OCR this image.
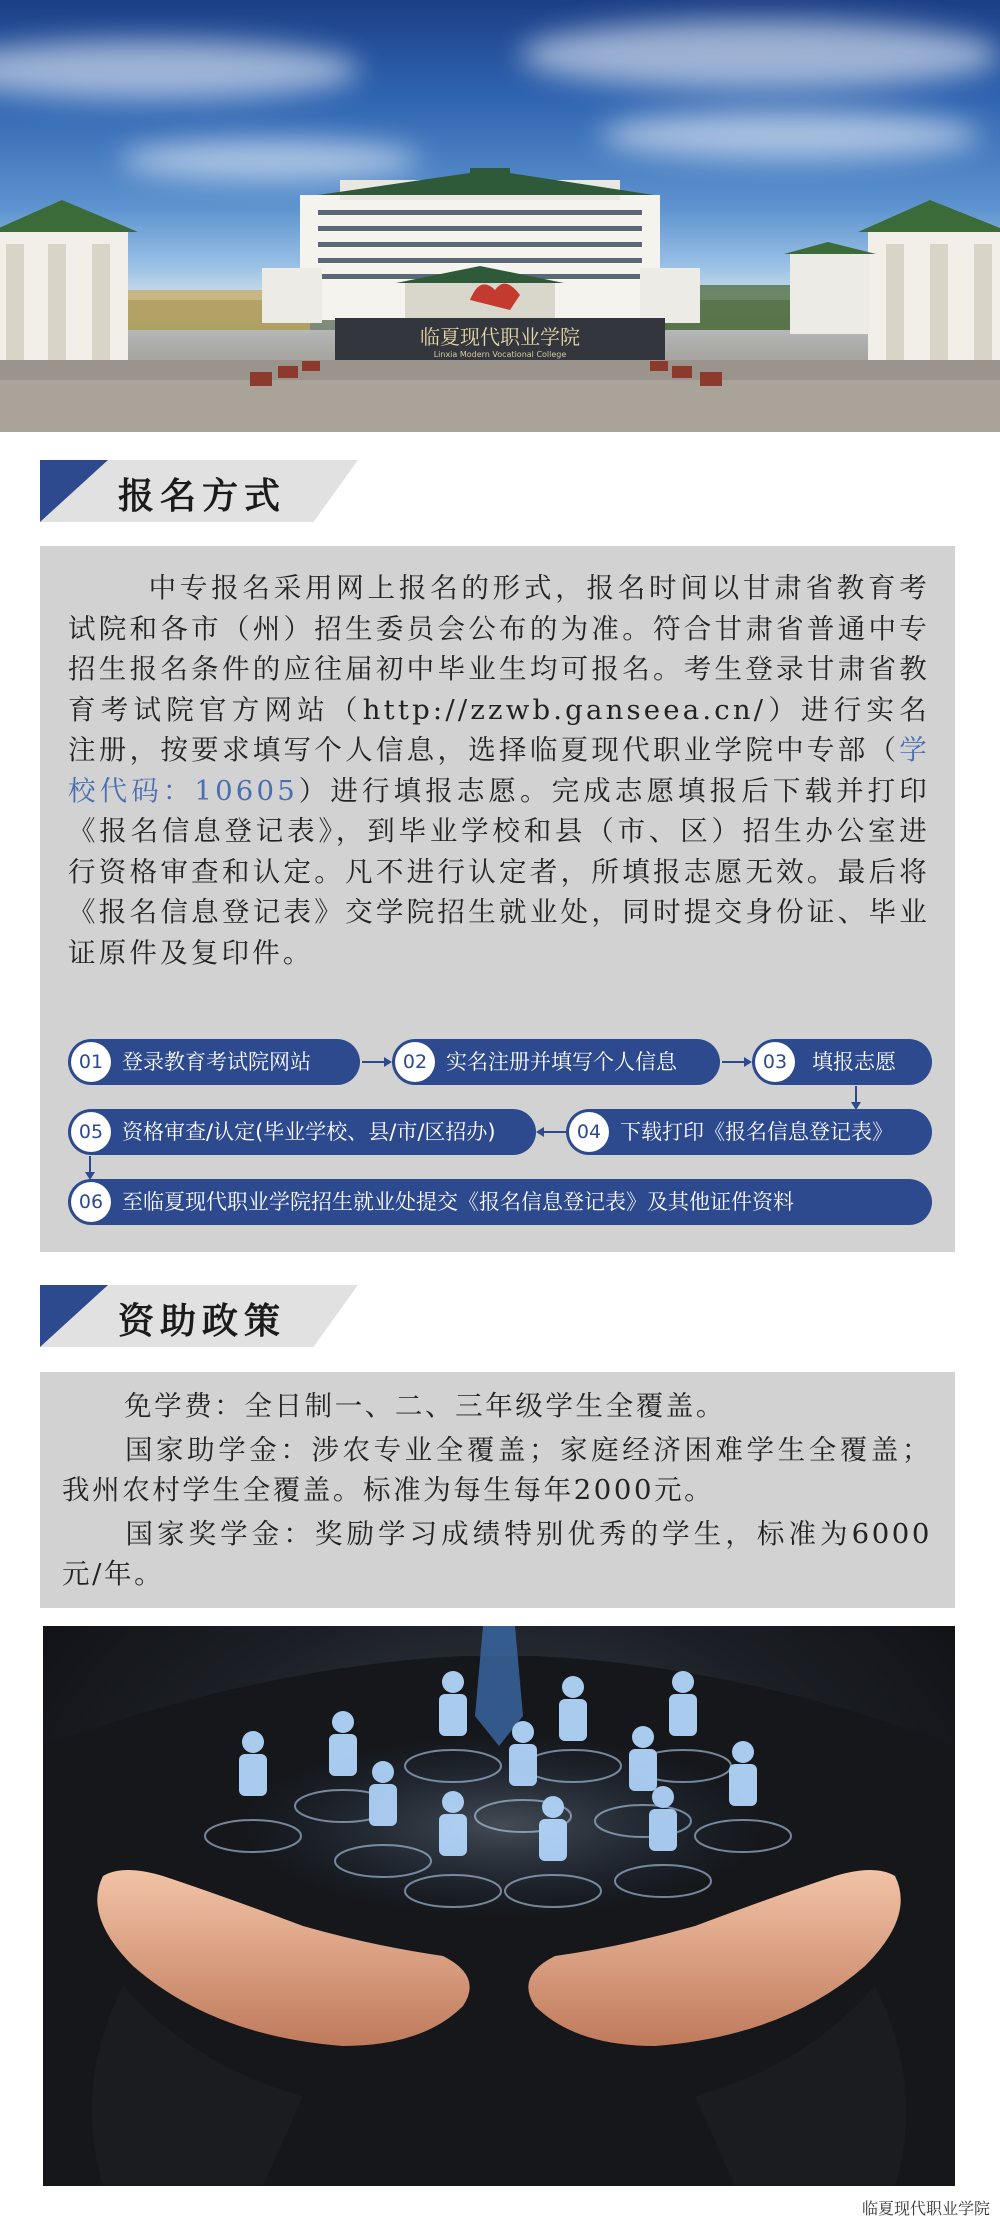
临夏现代职业学院
Linxia Modern Vocational College
报名方式

中专报名采用网上报名的形式，报名时间以甘肃省教育考试院和各市（州）招生委员会公布的为准。符合甘肃省普通中专招生报名条件的应往届初中毕业生均可报名。考生登录甘肃省教育考试院官方网站（http://zzwb.ganseea.cn/）进行实名注册，按要求填写个人信息，选择临夏现代职业学院中专部（学校代码：10605）进行填报志愿。完成志愿填报后下载并打印《报名信息登记表》，到毕业学校和县（市、区）招生办公室进行资格审查和认定。凡不进行认定者，所填报志愿无效。最后将《报名信息登记表》交学院招生就业处，同时提交身份证、毕业证原件及复印件。

01 登录教育考试院网站	02 实名注册并填写个人信息	03	填报志愿
05 资格审查/认定(毕业学校、县/市/区招办)	04 下载打印《报名信息登记表》
06 至临夏现代职业学院招生就业处提交《报名信息登记表》及其他证件资料
资助政策

免学费：全日制一、二、三年级学生全覆盖。

国家助学金：涉农专业全覆盖；家庭经济困难学生全覆盖；我州农村学生全覆盖。标准为每生每年2000元。

国家奖学金：奖励学习成绩特别优秀的学生，标准为6000元/年。

临夏现代职业学院
